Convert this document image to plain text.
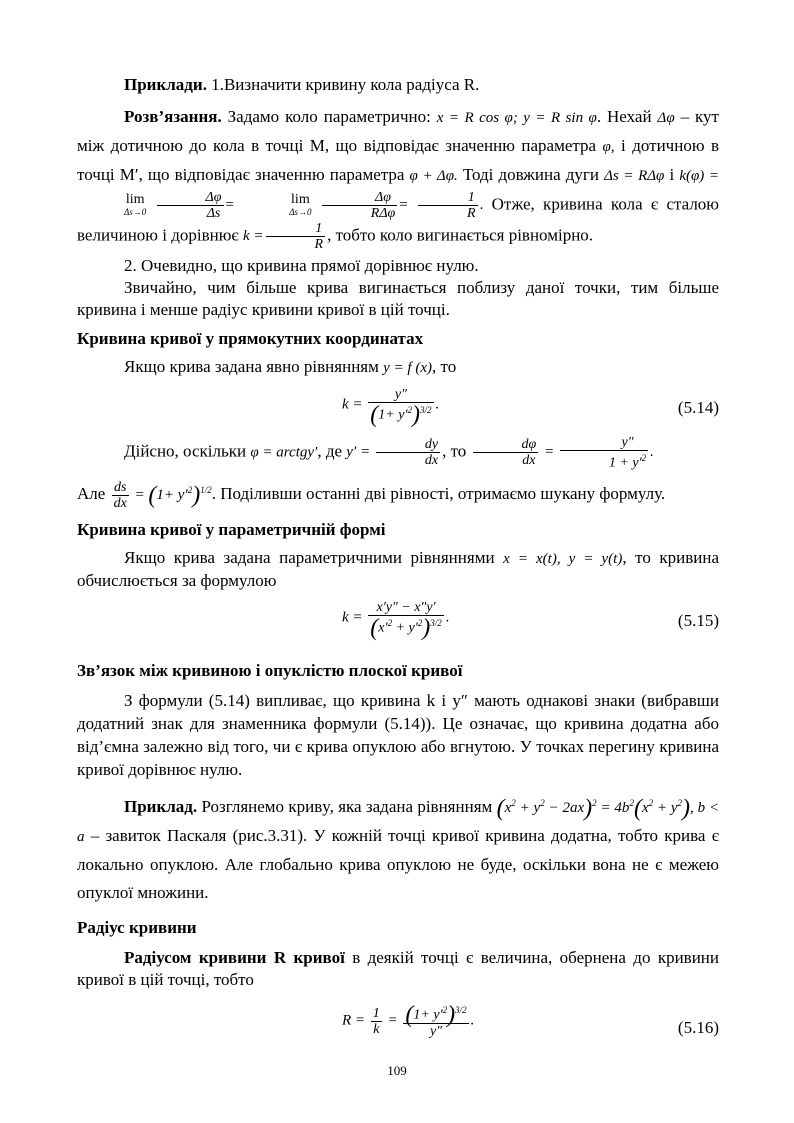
Приклади. 1.Визначити кривину кола радіуса R.

Розв’язання. Задамо коло параметрично: x = R cos φ; y = R sin φ. Нехай Δφ – кут між дотичною до кола в точці M, що відповідає значенню параметра φ, і дотичною в точці M′, що відповідає значенню параметра φ + Δφ. Тоді довжина дуги Δs = RΔφ і k(φ) =
lim
Δs→0
$\frac{\Delta\varphi}{\Delta s}$ =	lim
Δs→0
$\frac{\Delta\varphi}{\text{RΔφ}} = \frac{1}{R}$ . Отже, кривина кола є сталою величиною і дорівнює $k = \frac{1}{R}$ , тобто коло вигинається рівномірно.

2. Очевидно, що кривина прямої дорівнює нулю.

Звичайно, чим більше крива вигинається поблизу даної точки, тим більше кривина і менше радіус кривини кривої в цій точці.

Кривина кривої у прямокутних координатах

Якщо крива задана явно рівнянням y = f (x), то

$k = \frac{y''}{(1+ y'^2)^{3/2}}$ .	(5.14)

Дійсно, оскільки φ = arctgy′, де $y' = \frac{dy}{dx}$ , то $\frac{d\varphi}{dx} = \frac{y''}{1 + y'^2}$ .

Але $\frac{ds}{dx} = (1+ y'^2)^{1/2}$. Поділивши останні дві рівності, отримаємо шукану формулу.

Кривина кривої у параметричній формі

Якщо крива задана параметричними рівняннями x = x(t), y = y(t), то кривина обчислюється за формулою

$k = \frac{x'y'' - x''y'}{(x'^2 + y'^2)^{3/2}}$ .	(5.15)

Зв’язок між кривиною і опуклістю плоскої кривої

З формули (5.14) випливає, що кривина k і y″ мають однакові знаки (вибравши додатний знак для знаменника формули (5.14)). Це означає, що кривина додатна або від’ємна залежно від того, чи є крива опуклою або вгнутою. У точках перегину кривина кривої дорівнює нулю.

Приклад. Розглянемо кривy, яка задана рівнянням $(x^2 + y^2 - 2ax)^2 = 4b^2(x^2 + y^2)$, b < a – завиток Паскаля (рис.3.31). У кожній точці кривої кривина додатна, тобто крива є локально опуклою. Але глобально крива опуклою не буде, оскільки вона не є межею опуклої множини.

Радіус кривини

Радіусом кривини R кривої в деякій точці є величина, обернена до кривини кривої в цій точці, тобто

$R = \frac{1}{k} = \frac{(1+ y'^2)^{3/2}}{y''}$ .	(5.16)
109
